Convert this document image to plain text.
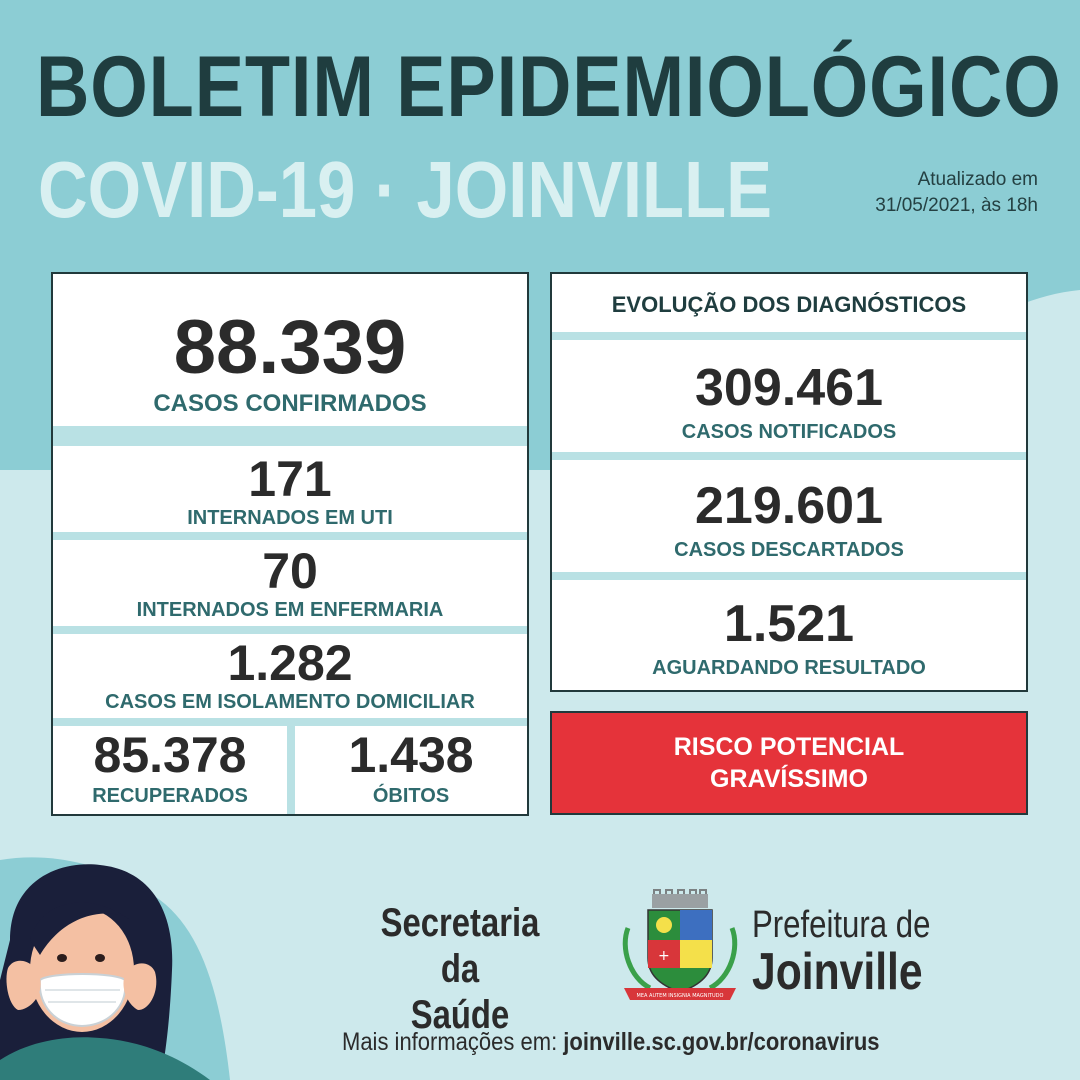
BOLETIM EPIDEMIOLÓGICO
COVID-19 · JOINVILLE	Atualizado em
31/05/2021, às 18h
88.339
CASOS CONFIRMADOS
171
INTERNADOS EM UTI
70
INTERNADOS EM ENFERMARIA
1.282
CASOS EM ISOLAMENTO DOMICILIAR
85.378
RECUPERADOS
1.438
ÓBITOS
EVOLUÇÃO DOS DIAGNÓSTICOS
309.461
CASOS NOTIFICADOS
219.601
CASOS DESCARTADOS
1.521
AGUARDANDO RESULTADO
RISCO POTENCIAL
GRAVÍSSIMO
Secretaria da
Saúde
+
MEA AUTEM INSIGNIA MAGNITUDO
Prefeitura de
Joinville
Mais informações em: joinville.sc.gov.br/coronavirus
